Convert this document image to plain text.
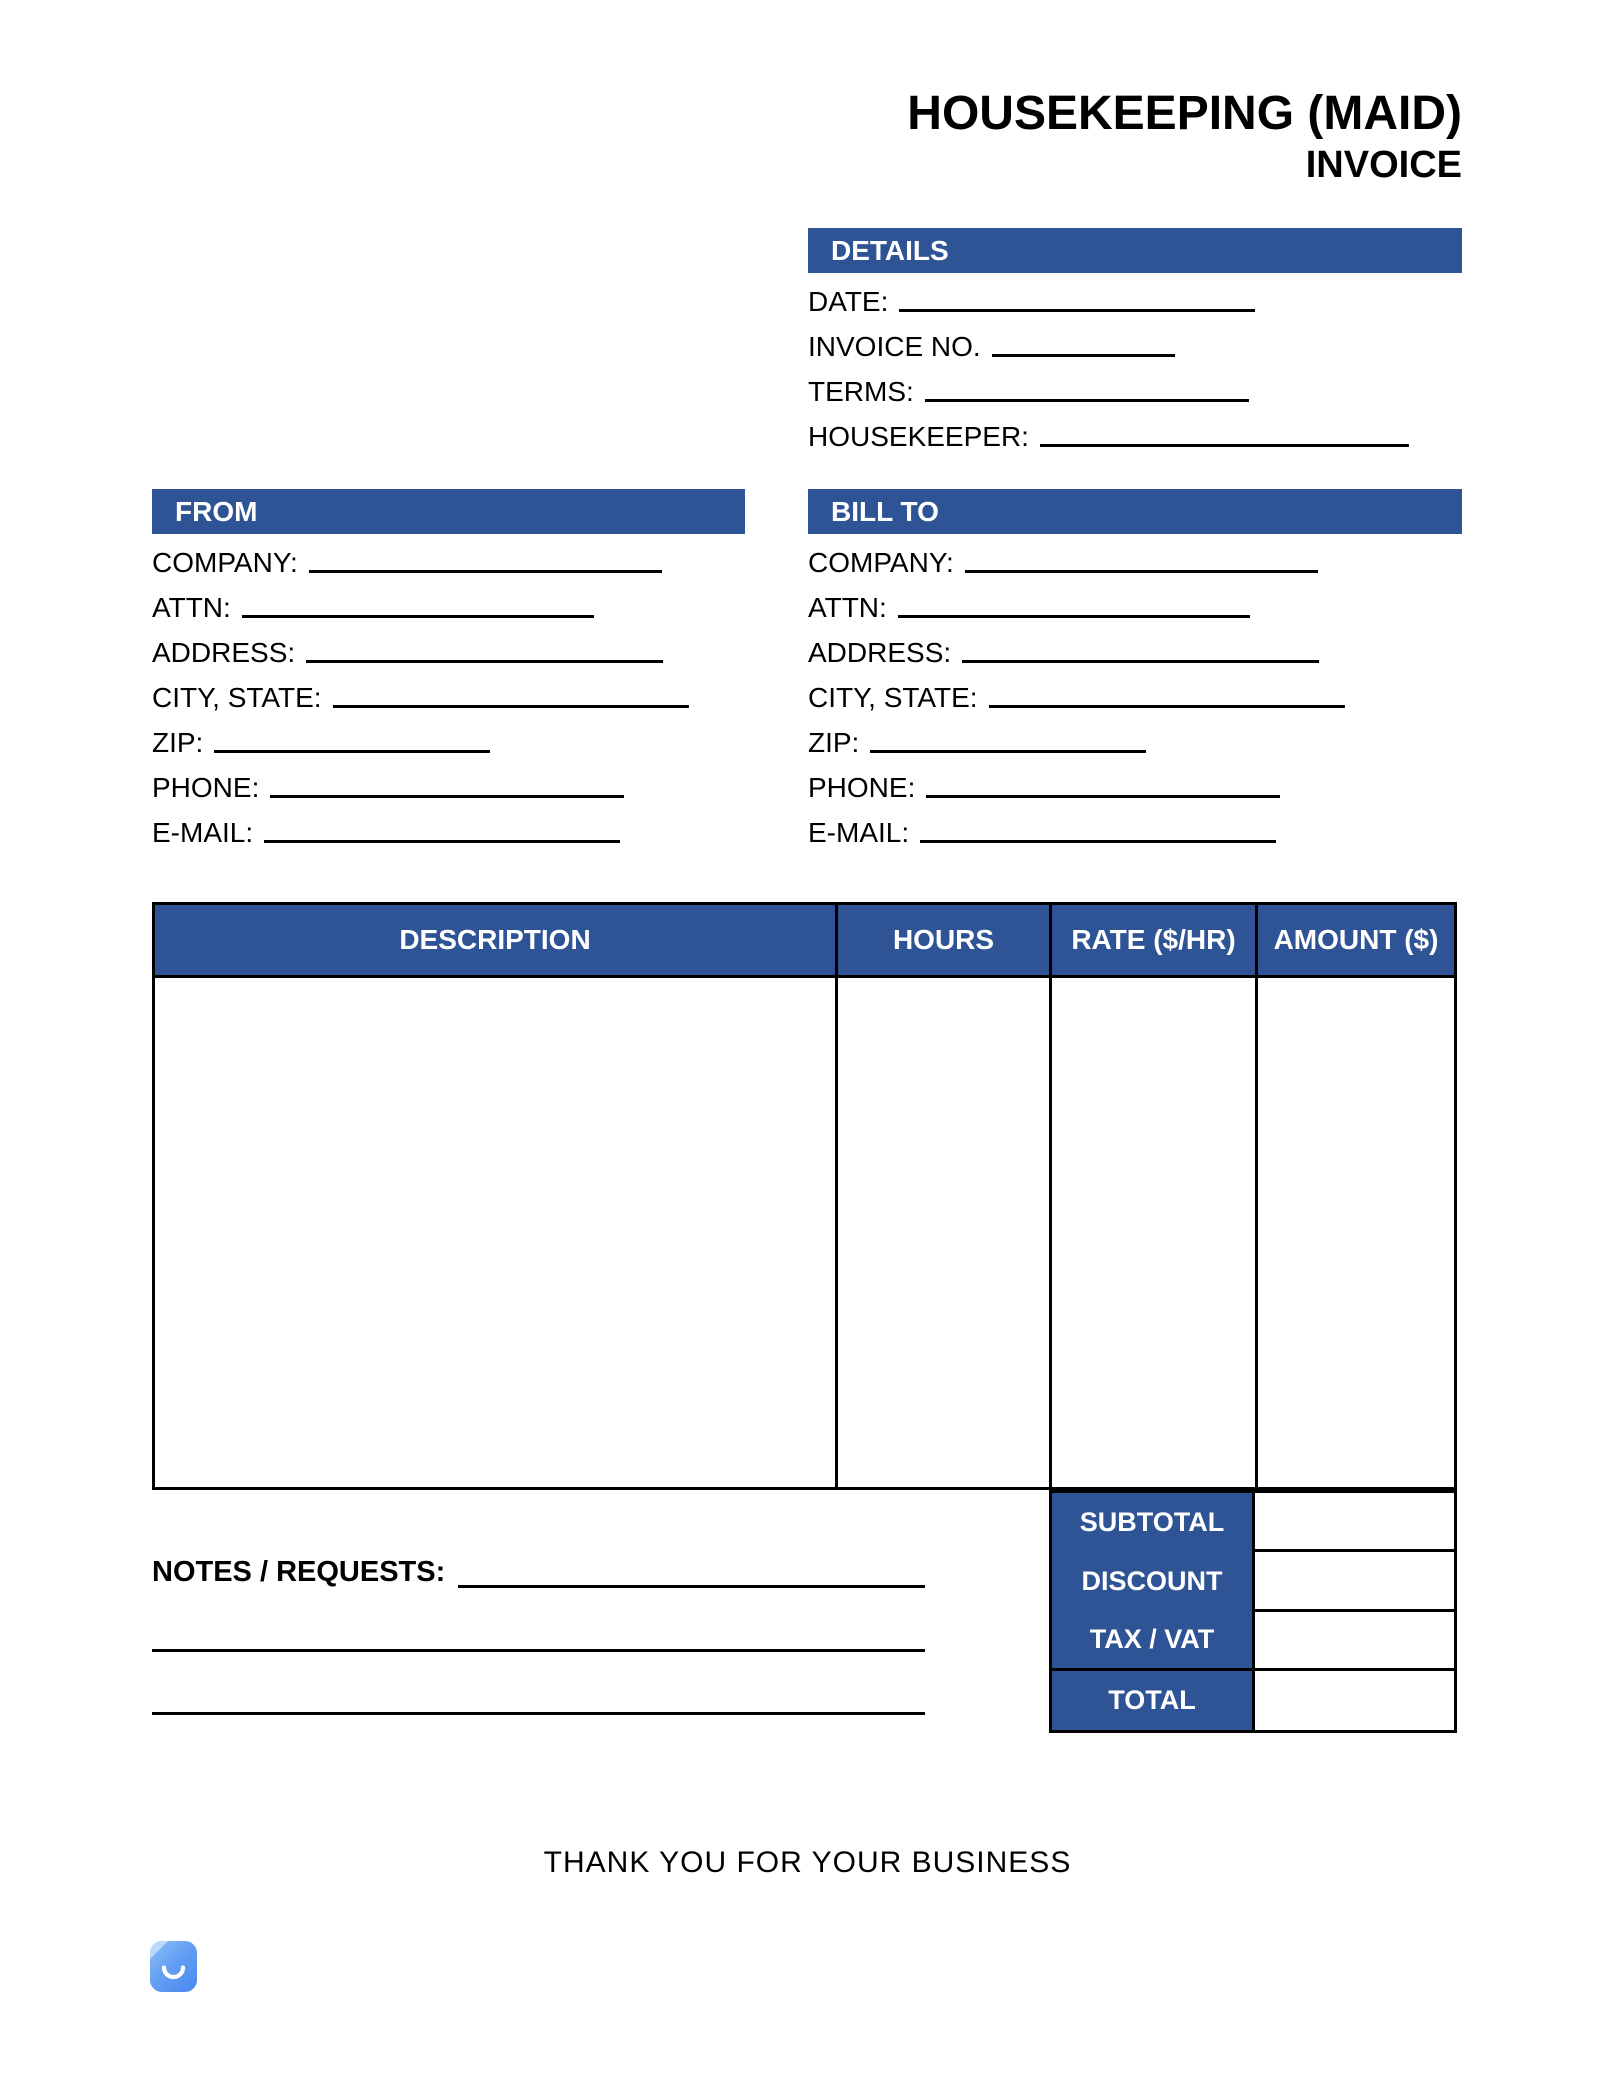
HOUSEKEEPING (MAID)
INVOICE
DETAILS
DATE:
INVOICE NO.
TERMS:
HOUSEKEEPER:
FROM
COMPANY:
ATTN:
ADDRESS:
CITY, STATE:
ZIP:
PHONE:
E-MAIL:
BILL TO
COMPANY:
ATTN:
ADDRESS:
CITY, STATE:
ZIP:
PHONE:
E-MAIL:
DESCRIPTION	HOURS	RATE ($/HR)	AMOUNT ($)
SUBTOTAL
DISCOUNT
TAX / VAT
TOTAL
NOTES / REQUESTS:
THANK YOU FOR YOUR BUSINESS
